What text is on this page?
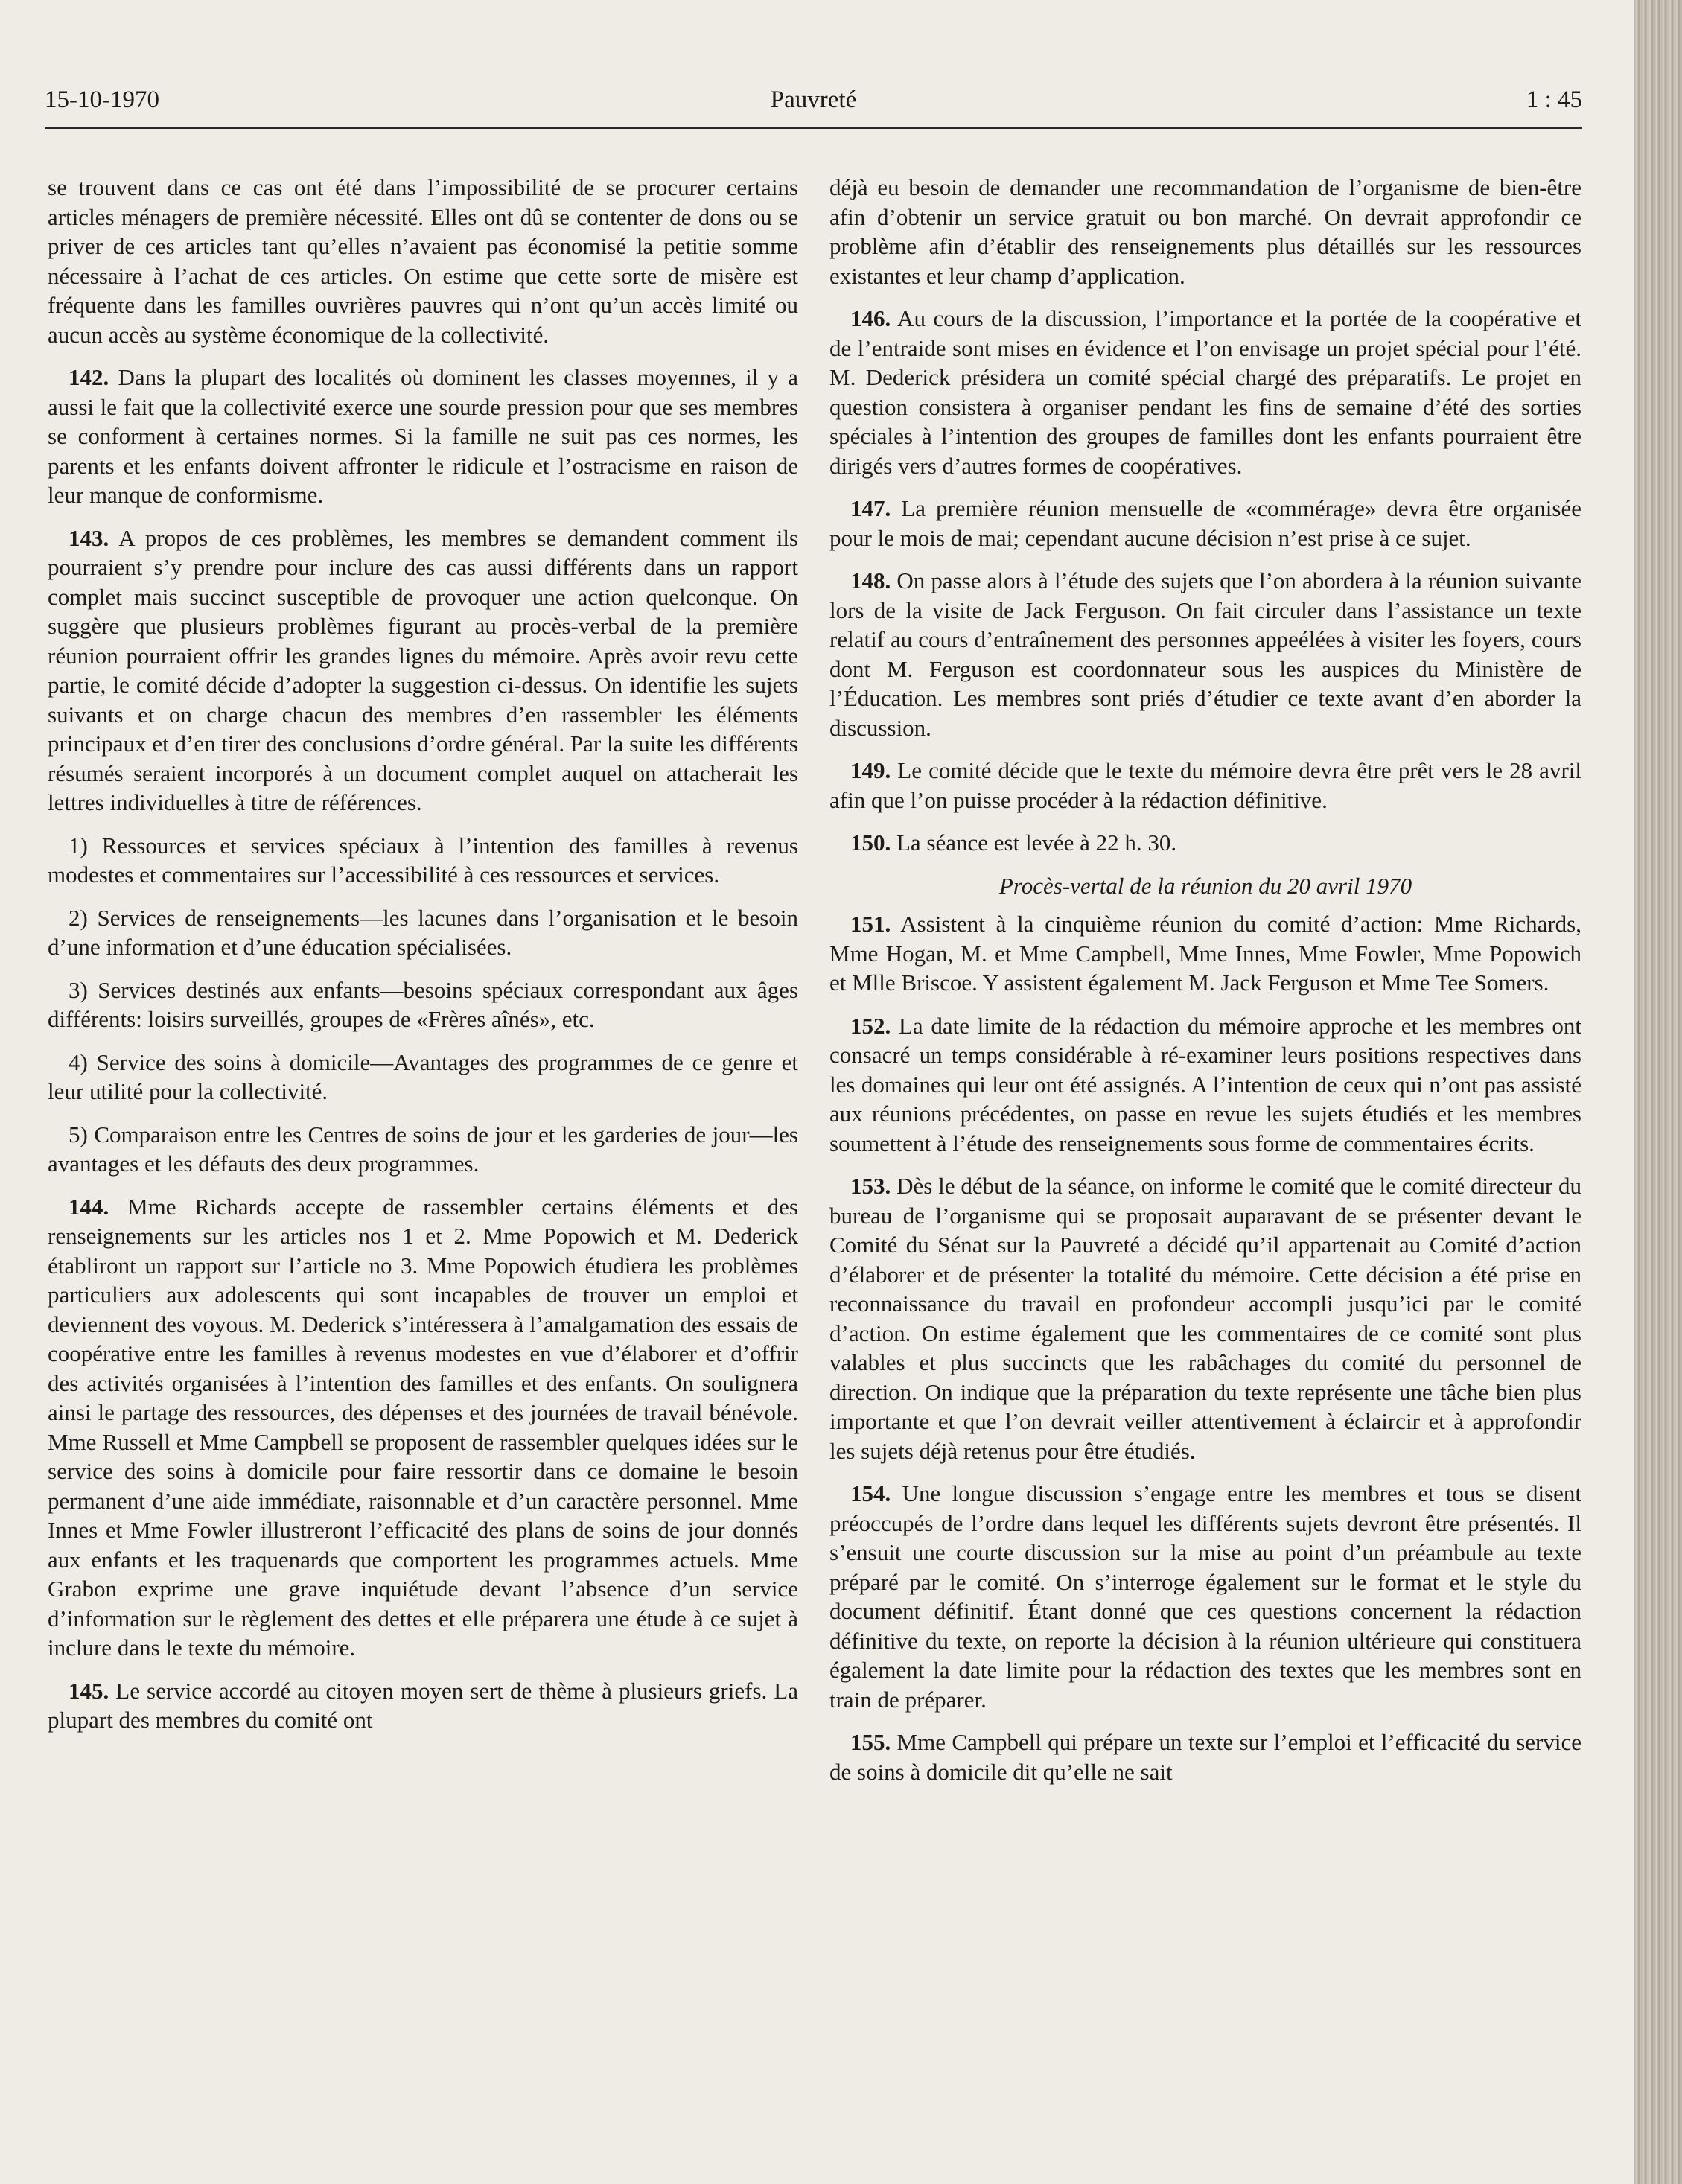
15-10-1970	Pauvreté	1 : 45

se trouvent dans ce cas ont été dans l’impossibilité de se procurer certains articles ménagers de première nécessité. Elles ont dû se contenter de dons ou se priver de ces articles tant qu’elles n’avaient pas économisé la petitie somme nécessaire à l’achat de ces articles. On estime que cette sorte de misère est fréquente dans les familles ouvrières pauvres qui n’ont qu’un accès limité ou aucun accès au système économique de la collectivité.

142. Dans la plupart des localités où dominent les classes moyennes, il y a aussi le fait que la collectivité exerce une sourde pression pour que ses membres se conforment à certaines normes. Si la famille ne suit pas ces normes, les parents et les enfants doivent affronter le ridicule et l’ostracisme en raison de leur manque de conformisme.

143. A propos de ces problèmes, les membres se demandent comment ils pourraient s’y prendre pour inclure des cas aussi différents dans un rapport complet mais succinct susceptible de provoquer une action quelconque. On suggère que plusieurs problèmes figurant au procès-verbal de la première réunion pourraient offrir les grandes lignes du mémoire. Après avoir revu cette partie, le comité décide d’adopter la suggestion ci-dessus. On identifie les sujets suivants et on charge chacun des membres d’en rassembler les éléments principaux et d’en tirer des conclusions d’ordre général. Par la suite les différents résumés seraient incorporés à un document complet auquel on attacherait les lettres individuelles à titre de références.

1) Ressources et services spéciaux à l’intention des familles à revenus modestes et commentaires sur l’accessibilité à ces ressources et services.

2) Services de renseignements—les lacunes dans l’organisation et le besoin d’une information et d’une éducation spécialisées.

3) Services destinés aux enfants—besoins spéciaux correspondant aux âges différents: loisirs surveillés, groupes de «Frères aînés», etc.

4) Service des soins à domicile—Avantages des programmes de ce genre et leur utilité pour la collectivité.

5) Comparaison entre les Centres de soins de jour et les garderies de jour—les avantages et les défauts des deux programmes.

144. Mme Richards accepte de rassembler certains éléments et des renseignements sur les articles nos 1 et 2. Mme Popowich et M. Dederick établiront un rapport sur l’article no 3. Mme Popowich étudiera les problèmes particuliers aux adolescents qui sont incapables de trouver un emploi et deviennent des voyous. M. Dederick s’intéressera à l’amalgamation des essais de coopérative entre les familles à revenus modestes en vue d’élaborer et d’offrir des activités organisées à l’intention des familles et des enfants. On soulignera ainsi le partage des ressources, des dépenses et des journées de travail bénévole. Mme Russell et Mme Campbell se proposent de rassembler quelques idées sur le service des soins à domicile pour faire ressortir dans ce domaine le besoin permanent d’une aide immédiate, raisonnable et d’un caractère personnel. Mme Innes et Mme Fowler illustreront l’efficacité des plans de soins de jour donnés aux enfants et les traquenards que comportent les programmes actuels. Mme Grabon exprime une grave inquiétude devant l’absence d’un service d’information sur le règlement des dettes et elle préparera une étude à ce sujet à inclure dans le texte du mémoire.

145. Le service accordé au citoyen moyen sert de thème à plusieurs griefs. La plupart des membres du comité ont

déjà eu besoin de demander une recommandation de l’organisme de bien-être afin d’obtenir un service gratuit ou bon marché. On devrait approfondir ce problème afin d’établir des renseignements plus détaillés sur les ressources existantes et leur champ d’application.

146. Au cours de la discussion, l’importance et la portée de la coopérative et de l’entraide sont mises en évidence et l’on envisage un projet spécial pour l’été. M. Dederick présidera un comité spécial chargé des préparatifs. Le projet en question consistera à organiser pendant les fins de semaine d’été des sorties spéciales à l’intention des groupes de familles dont les enfants pourraient être dirigés vers d’autres formes de coopératives.

147. La première réunion mensuelle de «commérage» devra être organisée pour le mois de mai; cependant aucune décision n’est prise à ce sujet.

148. On passe alors à l’étude des sujets que l’on abordera à la réunion suivante lors de la visite de Jack Ferguson. On fait circuler dans l’assistance un texte relatif au cours d’entraînement des personnes appeélées à visiter les foyers, cours dont M. Ferguson est coordonnateur sous les auspices du Ministère de l’Éducation. Les membres sont priés d’étudier ce texte avant d’en aborder la discussion.

149. Le comité décide que le texte du mémoire devra être prêt vers le 28 avril afin que l’on puisse procéder à la rédaction définitive.

150. La séance est levée à 22 h. 30.

Procès-vertal de la réunion du 20 avril 1970

151. Assistent à la cinquième réunion du comité d’action: Mme Richards, Mme Hogan, M. et Mme Campbell, Mme Innes, Mme Fowler, Mme Popowich et Mlle Briscoe. Y assistent également M. Jack Ferguson et Mme Tee Somers.

152. La date limite de la rédaction du mémoire approche et les membres ont consacré un temps considérable à ré-examiner leurs positions respectives dans les domaines qui leur ont été assignés. A l’intention de ceux qui n’ont pas assisté aux réunions précédentes, on passe en revue les sujets étudiés et les membres soumettent à l’étude des renseignements sous forme de commentaires écrits.

153. Dès le début de la séance, on informe le comité que le comité directeur du bureau de l’organisme qui se proposait auparavant de se présenter devant le Comité du Sénat sur la Pauvreté a décidé qu’il appartenait au Comité d’action d’élaborer et de présenter la totalité du mémoire. Cette décision a été prise en reconnaissance du travail en profondeur accompli jusqu’ici par le comité d’action. On estime également que les commentaires de ce comité sont plus valables et plus succincts que les rabâchages du comité du personnel de direction. On indique que la préparation du texte représente une tâche bien plus importante et que l’on devrait veiller attentivement à éclaircir et à approfondir les sujets déjà retenus pour être étudiés.

154. Une longue discussion s’engage entre les membres et tous se disent préoccupés de l’ordre dans lequel les différents sujets devront être présentés. Il s’ensuit une courte discussion sur la mise au point d’un préambule au texte préparé par le comité. On s’interroge également sur le format et le style du document définitif. Étant donné que ces questions concernent la rédaction définitive du texte, on reporte la décision à la réunion ultérieure qui constituera également la date limite pour la rédaction des textes que les membres sont en train de préparer.

155. Mme Campbell qui prépare un texte sur l’emploi et l’efficacité du service de soins à domicile dit qu’elle ne sait
